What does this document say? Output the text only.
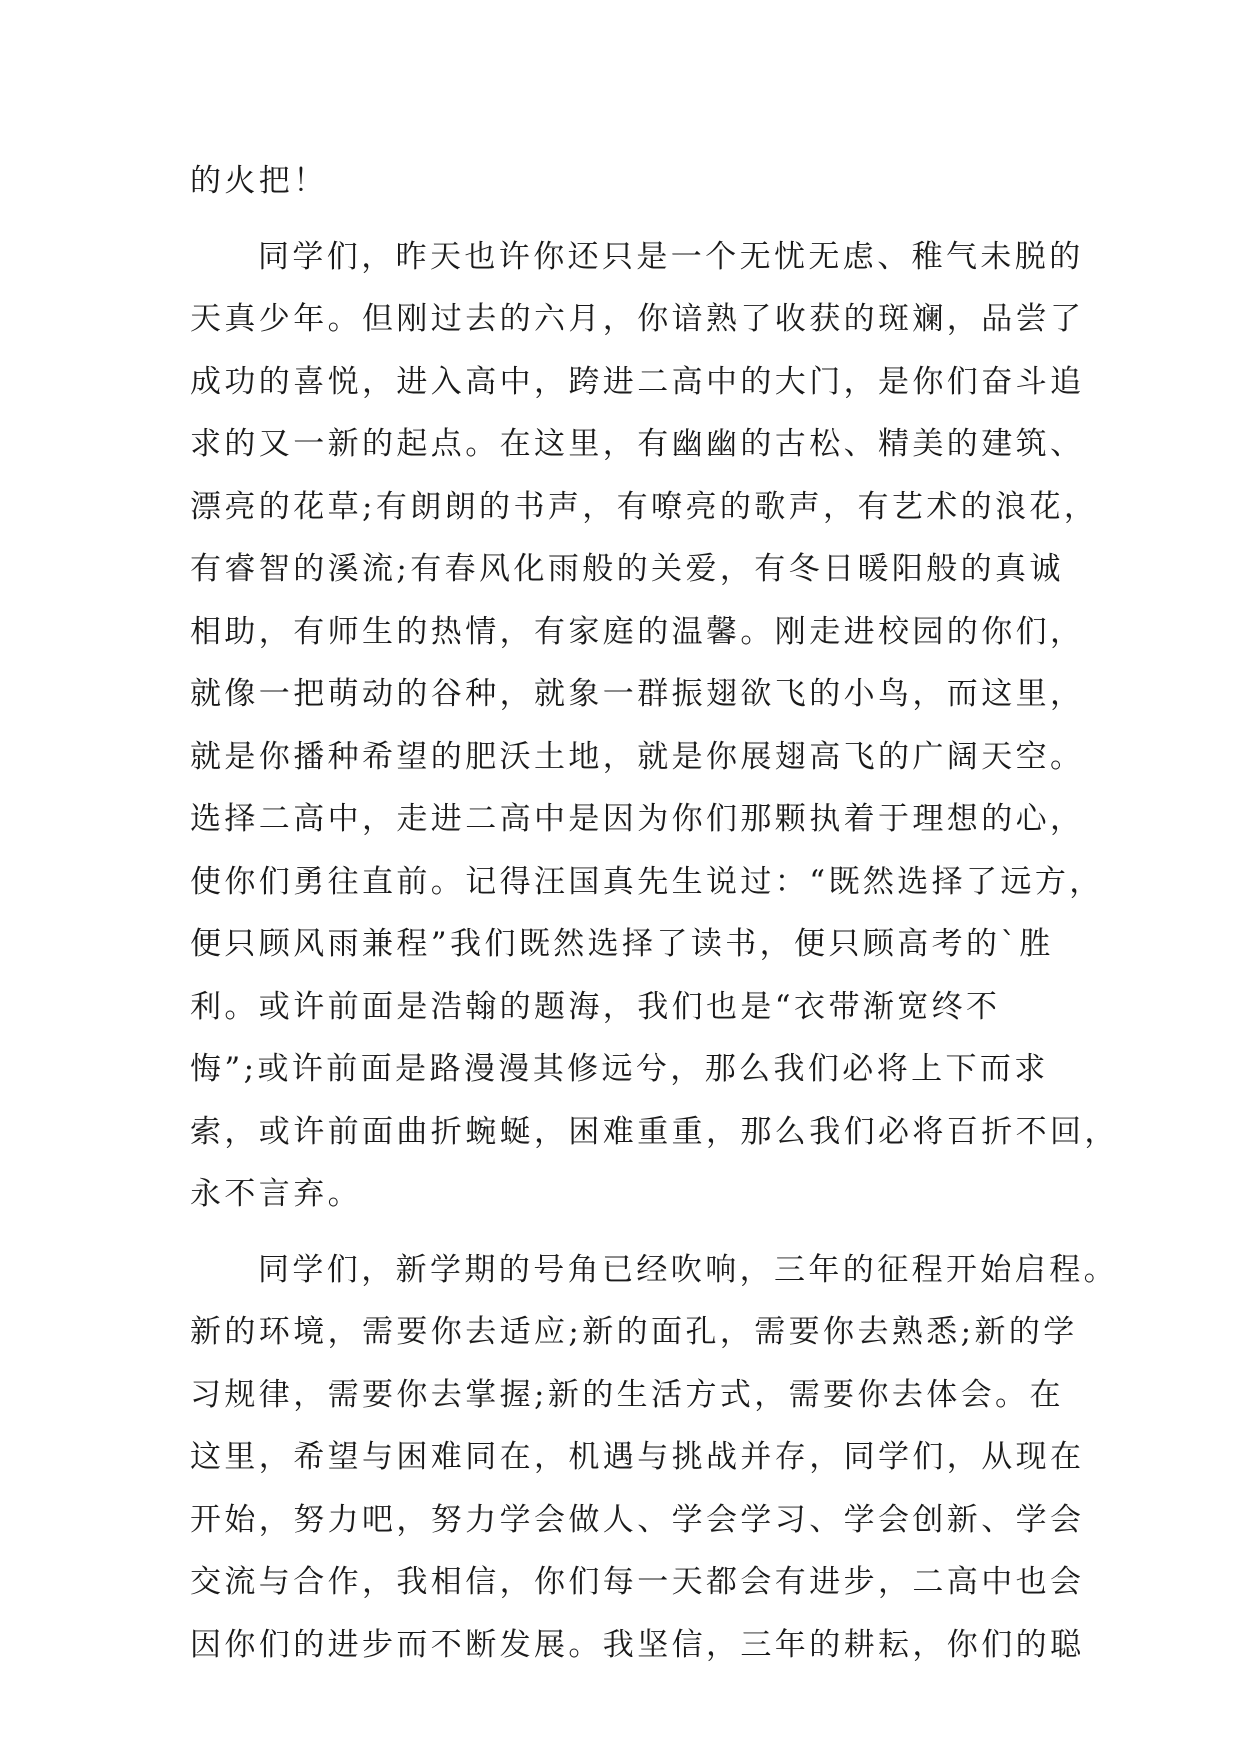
的火把！
同学们，昨天也许你还只是一个无忧无虑、稚气未脱的
天真少年。但刚过去的六月，你谙熟了收获的斑斓，品尝了
成功的喜悦，进入高中，跨进二高中的大门，是你们奋斗追
求的又一新的起点。在这里，有幽幽的古松、精美的建筑、
漂亮的花草;有朗朗的书声，有嘹亮的歌声，有艺术的浪花，
有睿智的溪流;有春风化雨般的关爱，有冬日暖阳般的真诚
相助，有师生的热情，有家庭的温馨。刚走进校园的你们，
就像一把萌动的谷种，就象一群振翅欲飞的小鸟，而这里，
就是你播种希望的肥沃土地，就是你展翅高飞的广阔天空。
选择二高中，走进二高中是因为你们那颗执着于理想的心，
使你们勇往直前。记得汪国真先生说过：“既然选择了远方，
便只顾风雨兼程”我们既然选择了读书，便只顾高考的`胜
利。或许前面是浩翰的题海，我们也是“衣带渐宽终不
悔”;或许前面是路漫漫其修远兮，那么我们必将上下而求
索，或许前面曲折蜿蜒，困难重重，那么我们必将百折不回，
永不言弃。
同学们，新学期的号角已经吹响，三年的征程开始启程。
新的环境，需要你去适应;新的面孔，需要你去熟悉;新的学
习规律，需要你去掌握;新的生活方式，需要你去体会。在
这里，希望与困难同在，机遇与挑战并存，同学们，从现在
开始，努力吧，努力学会做人、学会学习、学会创新、学会
交流与合作，我相信，你们每一天都会有进步，二高中也会
因你们的进步而不断发展。我坚信，三年的耕耘，你们的聪
